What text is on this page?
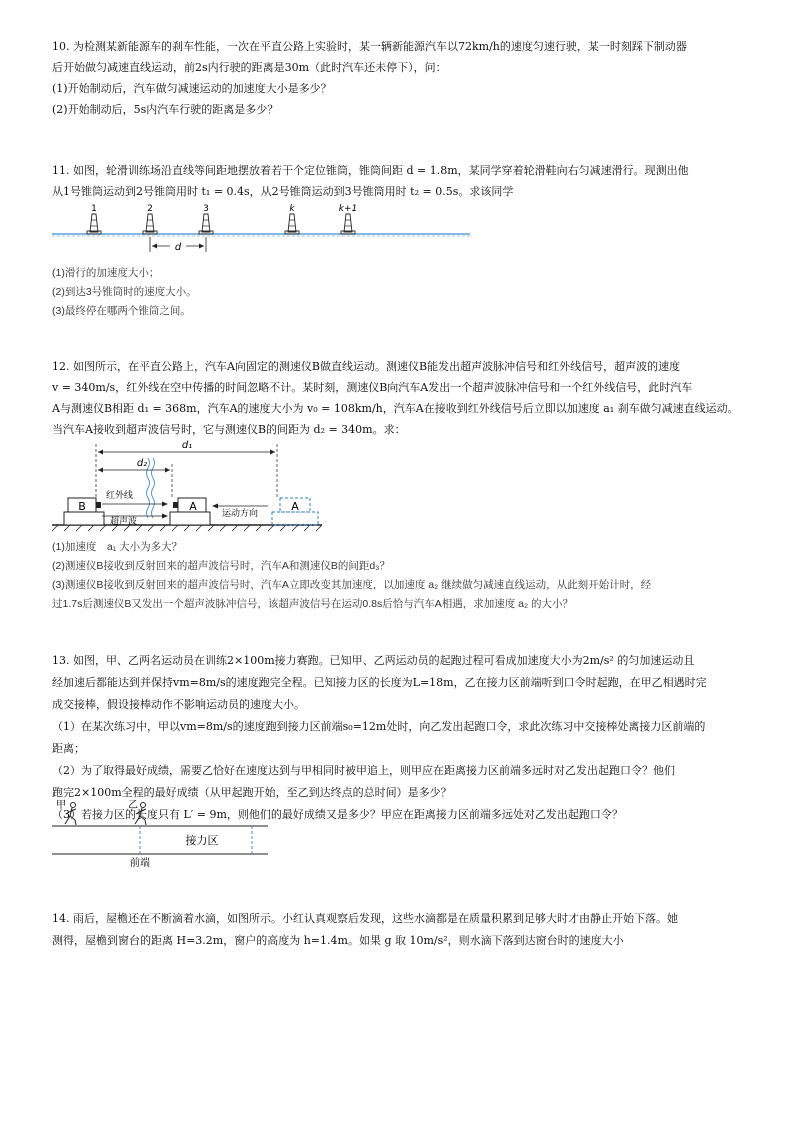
10. 为检测某新能源车的刹车性能，一次在平直公路上实验时，某一辆新能源汽车以72km/h的速度匀速行驶，某一时刻踩下制动器

后开始做匀减速直线运动，前2s内行驶的距离是30m（此时汽车还未停下），问：

(1)开始制动后，汽车做匀减速运动的加速度大小是多少？

(2)开始制动后，5s内汽车行驶的距离是多少？

11. 如图，轮滑训练场沿直线等间距地摆放着若干个定位锥筒，锥筒间距 d = 1.8m，某同学穿着轮滑鞋向右匀减速滑行。现测出他

从1号锥筒运动到2号锥筒用时 t₁ = 0.4s，从2号锥筒运动到3号锥筒用时 t₂ = 0.5s。求该同学

1	2	3	k	k+1
d

(1)滑行的加速度大小；

(2)到达3号锥筒时的速度大小。

(3)最终停在哪两个锥筒之间。

12. 如图所示，在平直公路上，汽车A向固定的测速仪B做直线运动。测速仪B能发出超声波脉冲信号和红外线信号，超声波的速度

v = 340m/s，红外线在空中传播的时间忽略不计。某时刻，测速仪B向汽车A发出一个超声波脉冲信号和一个红外线信号，此时汽车

A与测速仪B相距 d₁ = 368m，汽车A的速度大小为 v₀ = 108km/h，汽车A在接收到红外线信号后立即以加速度 a₁ 刹车做匀减速直线运动。

当汽车A接收到超声波信号时，它与测速仪B的间距为 d₂ = 340m。求：

B	A	A
红外线
超声波
运动方向
d₁
d₂

(1)加速度　a₁ 大小为多大？

(2)测速仪B接收到反射回来的超声波信号时，汽车A和测速仪B的间距d₃？

(3)测速仪B接收到反射回来的超声波信号时，汽车A立即改变其加速度，以加速度 a₂ 继续做匀减速直线运动，从此刻开始计时，经

过1.7s后测速仪B又发出一个超声波脉冲信号，该超声波信号在运动0.8s后恰与汽车A相遇，求加速度 a₂ 的大小？

13. 如图，甲、乙两名运动员在训练2×100m接力赛跑。已知甲、乙两运动员的起跑过程可看成加速度大小为2m/s² 的匀加速运动且

经加速后都能达到并保持vm=8m/s的速度跑完全程。已知接力区的长度为L=18m，乙在接力区前端听到口令时起跑，在甲乙相遇时完

成交接棒，假设接棒动作不影响运动员的速度大小。

（1）在某次练习中，甲以vm=8m/s的速度跑到接力区前端s₀=12m处时，向乙发出起跑口令，求此次练习中交接棒处离接力区前端的

距离；

（2）为了取得最好成绩，需要乙恰好在速度达到与甲相同时被甲追上，则甲应在距离接力区前端多远时对乙发出起跑口令？他们

跑完2×100m全程的最好成绩（从甲起跑开始，至乙到达终点的总时间）是多少？

（3）若接力区的长度只有 L′ = 9m，则他们的最好成绩又是多少？甲应在距离接力区前端多远处对乙发出起跑口令？

甲	乙
接力区
前端

14. 雨后，屋檐还在不断滴着水滴，如图所示。小红认真观察后发现，这些水滴都是在质量积累到足够大时才由静止开始下落。她

测得，屋檐到窗台的距离 H=3.2m，窗户的高度为 h=1.4m。如果 g 取 10m/s²，则水滴下落到达窗台时的速度大小
